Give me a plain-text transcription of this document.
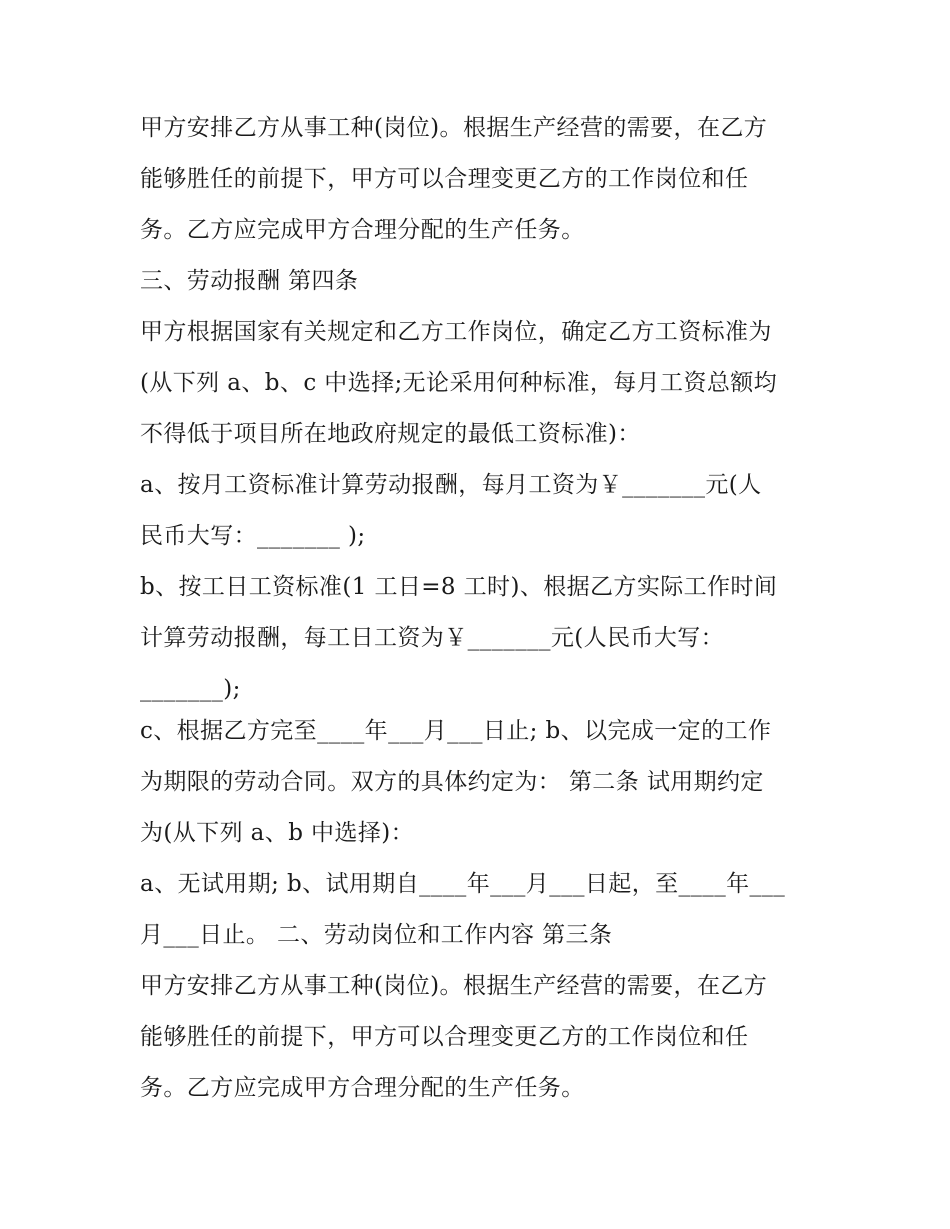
甲方安排乙方从事工种(岗位)。根据生产经营的需要，在乙方
能够胜任的前提下，甲方可以合理变更乙方的工作岗位和任
务。乙方应完成甲方合理分配的生产任务。
三、劳动报酬 第四条
甲方根据国家有关规定和乙方工作岗位，确定乙方工资标准为
(从下列 a、b、c 中选择;无论采用何种标准，每月工资总额均
不得低于项目所在地政府规定的最低工资标准)：
a、按月工资标准计算劳动报酬，每月工资为￥_______元(人
民币大写：_______ );
b、按工日工资标准(1 工日=8 工时)、根据乙方实际工作时间
计算劳动报酬，每工日工资为￥_______元(人民币大写：
_______);
c、根据乙方完至____年___月___日止; b、以完成一定的工作
为期限的劳动合同。双方的具体约定为： 第二条 试用期约定
为(从下列 a、b 中选择)：
a、无试用期; b、试用期自____年___月___日起，至____年___
月___日止。 二、劳动岗位和工作内容 第三条
甲方安排乙方从事工种(岗位)。根据生产经营的需要，在乙方
能够胜任的前提下，甲方可以合理变更乙方的工作岗位和任
务。乙方应完成甲方合理分配的生产任务。
